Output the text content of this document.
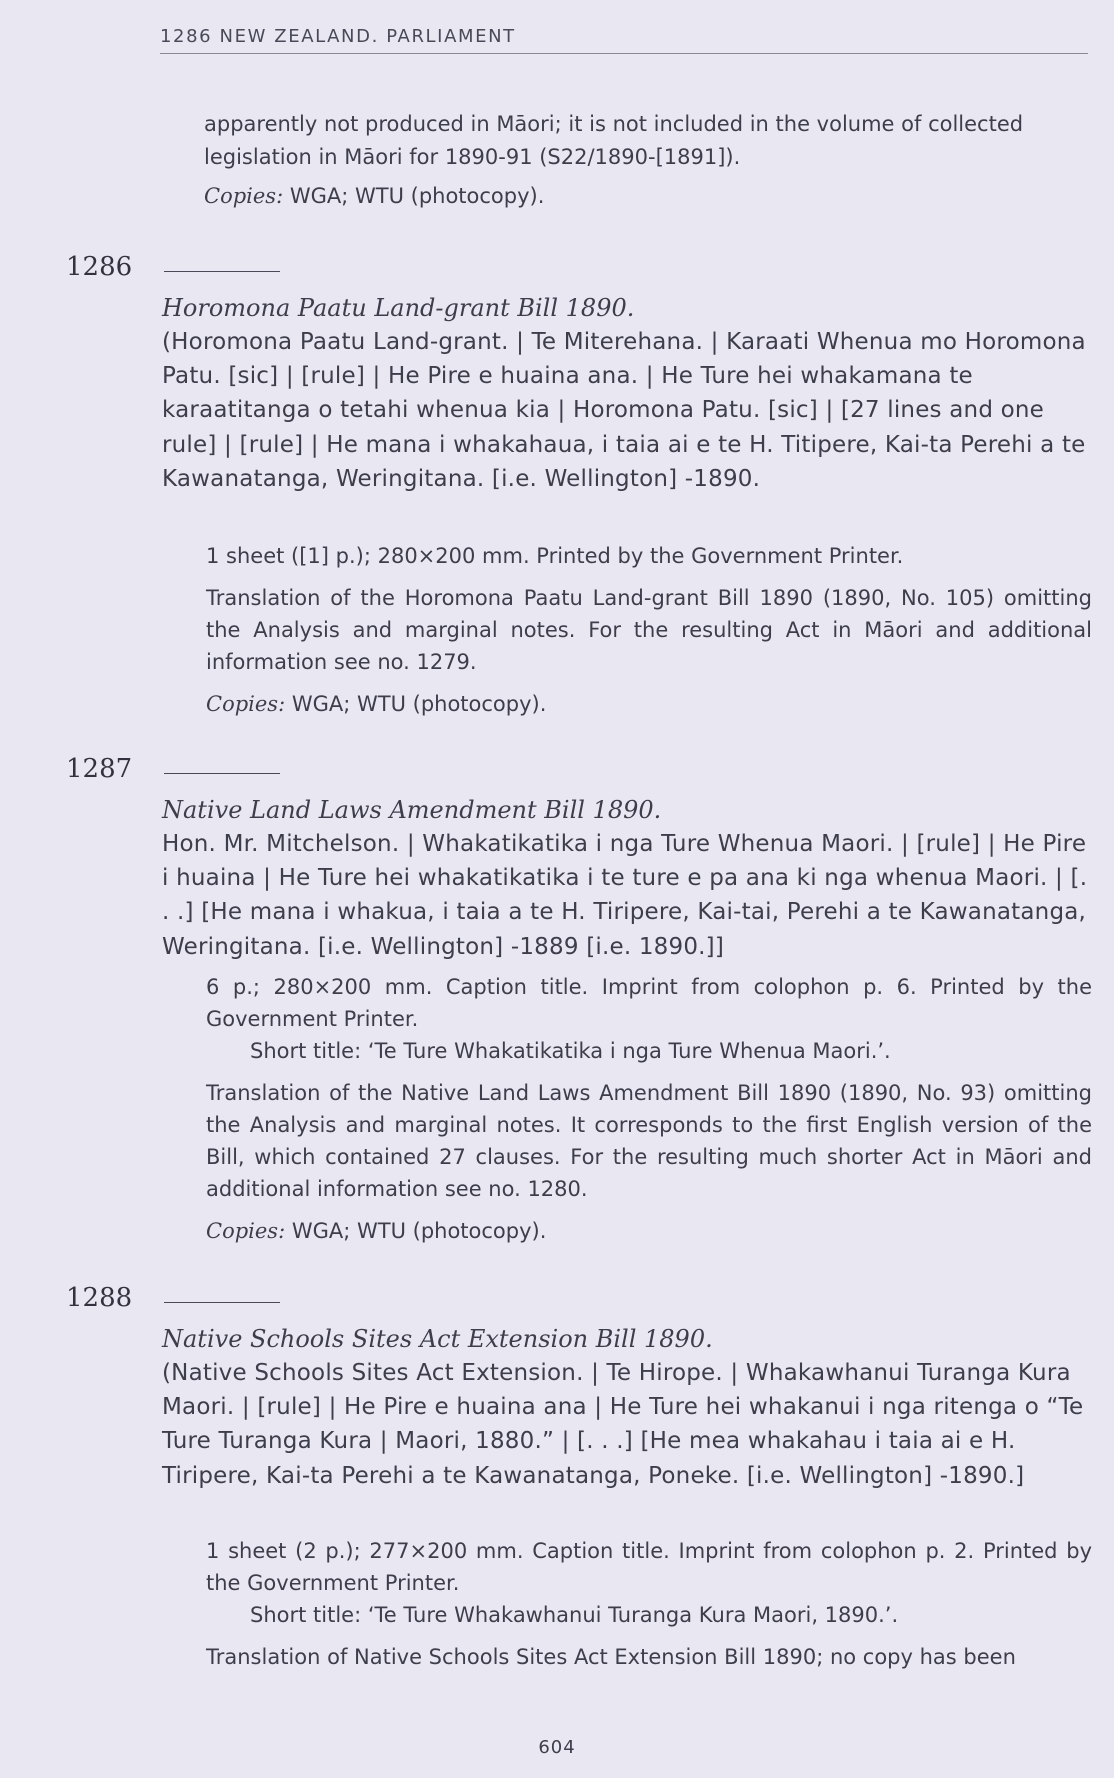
1286 NEW ZEALAND. PARLIAMENT

apparently not produced in Māori; it is not included in the volume of collected legislation in Māori for 1890-91 (S22/1890-[1891]).

Copies: WGA; WTU (photocopy).
1286
Horomona Paatu Land-grant Bill 1890.
(Horomona Paatu Land-grant. | Te Miterehana. | Karaati Whenua mo Horomona Patu. [sic] | [rule] | He Pire e huaina ana. | He Ture hei whakamana te karaatitanga o tetahi whenua kia | Horomona Patu. [sic] | [27 lines and one rule] | [rule] | He mana i whakahaua, i taia ai e te H. Titipere, Kai-ta Perehi a te Kawanatanga, Weringitana. [i.e. Wellington] -1890.

1 sheet ([1] p.); 280×200 mm. Printed by the Government Printer.

Translation of the Horomona Paatu Land-grant Bill 1890 (1890, No. 105) omitting the Analysis and marginal notes. For the resulting Act in Māori and additional information see no. 1279.

Copies: WGA; WTU (photocopy).
1287
Native Land Laws Amendment Bill 1890.
Hon. Mr. Mitchelson. | Whakatikatika i nga Ture Whenua Maori. | [rule] | He Pire i huaina | He Ture hei whakatikatika i te ture e pa ana ki nga whenua Maori. | [. . .] [He mana i whakua, i taia a te H. Tiripere, Kai-tai, Perehi a te Kawanatanga, Weringitana. [i.e. Wellington] -1889 [i.e. 1890.]]

6 p.; 280×200 mm. Caption title. Imprint from colophon p. 6. Printed by the Government Printer.
Short title: ‘Te Ture Whakatikatika i nga Ture Whenua Maori.’.

Translation of the Native Land Laws Amendment Bill 1890 (1890, No. 93) omitting the Analysis and marginal notes. It corresponds to the first English version of the Bill, which contained 27 clauses. For the resulting much shorter Act in Māori and additional information see no. 1280.

Copies: WGA; WTU (photocopy).
1288
Native Schools Sites Act Extension Bill 1890.
(Native Schools Sites Act Extension. | Te Hirope. | Whakawhanui Turanga Kura Maori. | [rule] | He Pire e huaina ana | He Ture hei whakanui i nga ritenga o “Te Ture Turanga Kura | Maori, 1880.” | [. . .] [He mea whakahau i taia ai e H. Tiripere, Kai-ta Perehi a te Kawanatanga, Poneke. [i.e. Wellington] -1890.]

1 sheet (2 p.); 277×200 mm. Caption title. Imprint from colophon p. 2. Printed by the Government Printer.
Short title: ‘Te Ture Whakawhanui Turanga Kura Maori, 1890.’.

Translation of Native Schools Sites Act Extension Bill 1890; no copy has been

604
